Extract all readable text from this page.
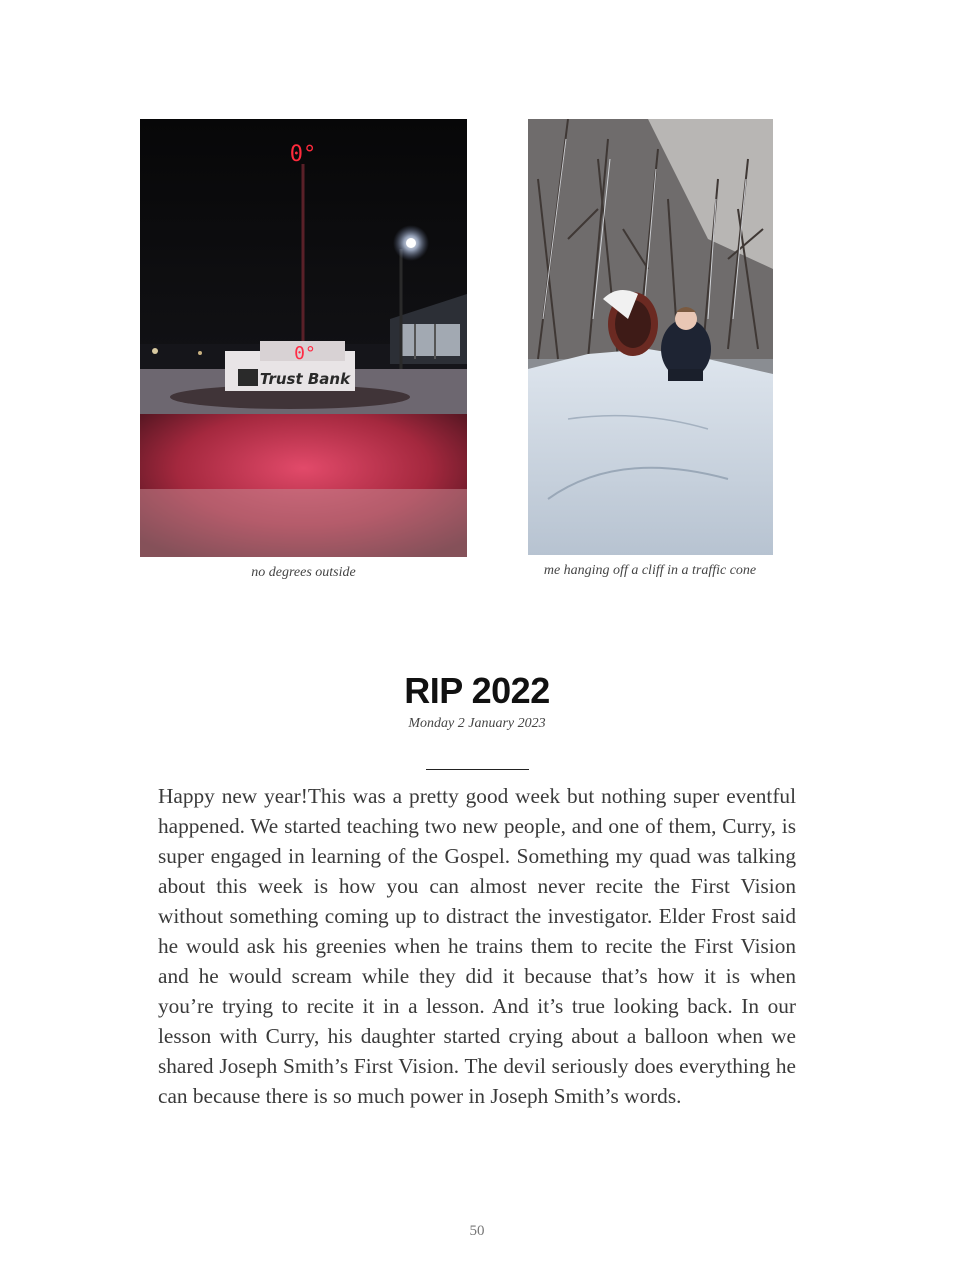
0°
0°
Trust Bank
no degrees outside	me hanging off a cliff in a traffic cone
RIP 2022
Monday 2 January 2023
Happy new year!This was a pretty good week but nothing super eventful happened. We started teaching two new people, and one of them, Curry, is super engaged in learning of the Gospel. Something my quad was talking about this week is how you can almost never recite the First Vision without something coming up to distract the investigator. Elder Frost said he would ask his greenies when he trains them to recite the First Vision and he would scream while they did it because that’s how it is when you’re trying to recite it in a lesson. And it’s true looking back. In our lesson with Curry, his daughter started crying about a balloon when we shared Joseph Smith’s First Vision. The devil seriously does everything he can because there is so much power in Joseph Smith’s words.
50
